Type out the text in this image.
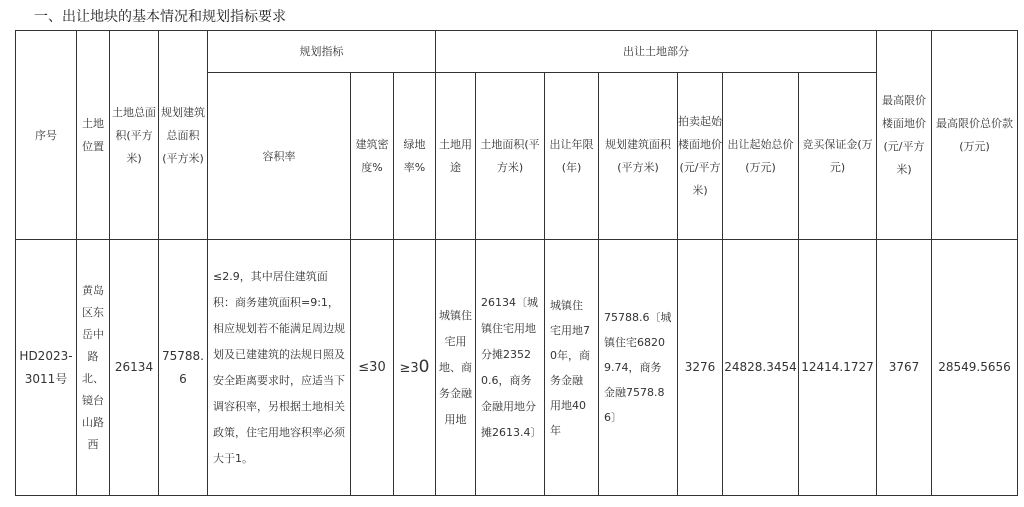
一、出让地块的基本情况和规划指标要求
序号	土地位置	土地总面积(平方米)	规划建筑总面积(平方米)	规划指标			出让土地部分							最高限价楼面地价(元/平方米)	最高限价总价款(万元)
				容积率	建筑密度%	绿地率%	土地用途	土地面积(平方米)	出让年限(年)	规划建筑面积(平方米)	拍卖起始楼面地价(元/平方米)	出让起始总价(万元)	竞买保证金(万元)		
HD2023-3011号	黄岛区东岳中路北、镜台山路西	26134	75788.6	≤2.9，其中居住建筑面积：商务建筑面积=9:1，相应规划若不能满足周边规划及已建建筑的法规日照及安全距离要求时，应适当下调容积率，另根据土地相关政策，住宅用地容积率必须大于1。	≤30	≥30	城镇住宅用地、商务金融用地	26134〔城镇住宅用地分摊23520.6，商务金融用地分摊2613.4〕	城镇住宅用地70年，商务金融用地40年	75788.6〔城镇住宅68209.74，商务金融7578.86〕	3276	24828.3454	12414.1727	3767	28549.5656
